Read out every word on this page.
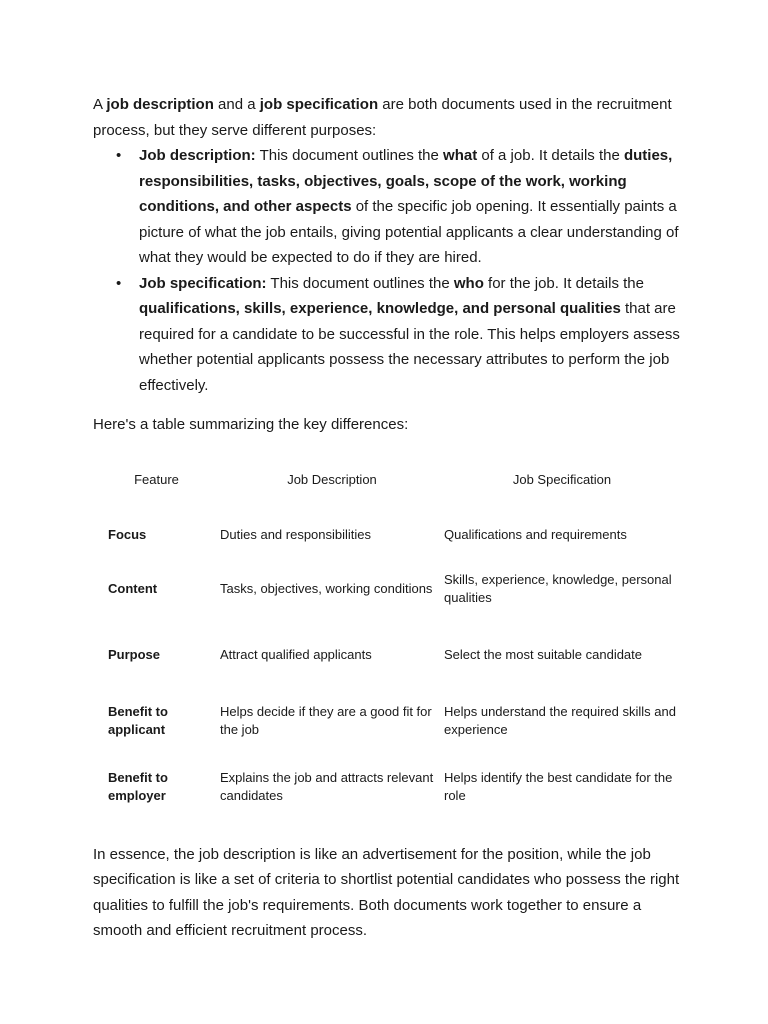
A job description and a job specification are both documents used in the recruitment process, but they serve different purposes:

• Job description: This document outlines the what of a job. It details the duties, responsibilities, tasks, objectives, goals, scope of the work, working conditions, and other aspects of the specific job opening. It essentially paints a picture of what the job entails, giving potential applicants a clear understanding of what they would be expected to do if they are hired.
• Job specification: This document outlines the who for the job. It details the qualifications, skills, experience, knowledge, and personal qualities that are required for a candidate to be successful in the role. This helps employers assess whether potential applicants possess the necessary attributes to perform the job effectively.

Here's a table summarizing the key differences:

Feature	Job Description	Job Specification
Focus	Duties and responsibilities	Qualifications and requirements
Content	Tasks, objectives, working conditions	Skills, experience, knowledge, personal qualities
Purpose	Attract qualified applicants	Select the most suitable candidate
Benefit to applicant	Helps decide if they are a good fit for the job	Helps understand the required skills and experience
Benefit to employer	Explains the job and attracts relevant candidates	Helps identify the best candidate for the role

In essence, the job description is like an advertisement for the position, while the job specification is like a set of criteria to shortlist potential candidates who possess the right qualities to fulfill the job's requirements. Both documents work together to ensure a smooth and efficient recruitment process.
